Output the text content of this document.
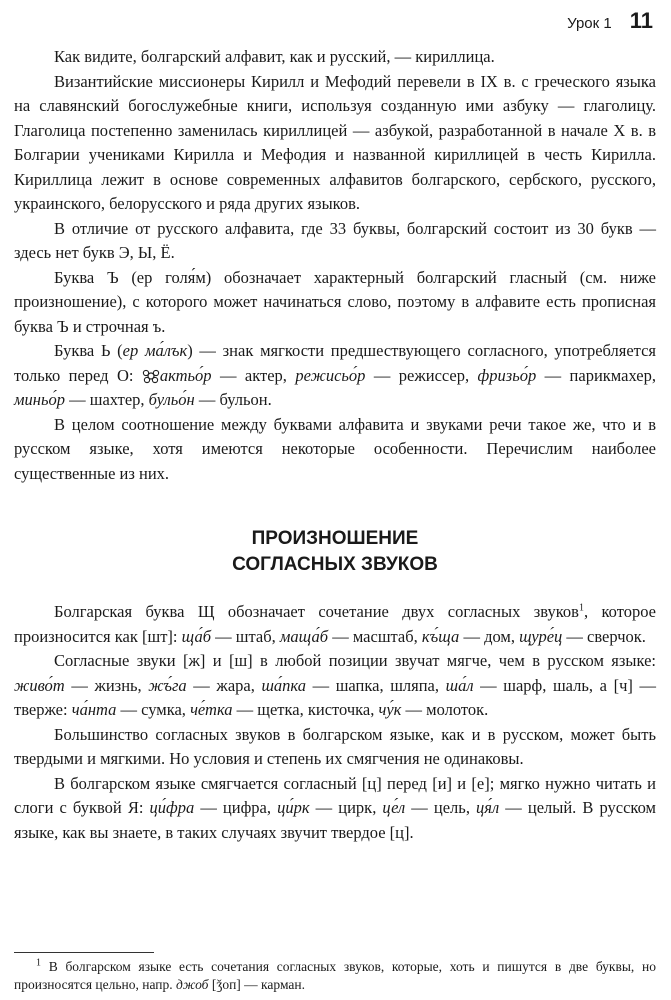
Урок 1 11

Как видите, болгарский алфавит, как и русский, — кириллица.

Византийские миссионеры Кирилл и Мефодий перевели в IX в. с греческого языка на славянский богослужебные книги, используя созданную ими азбуку — глаголицу. Глаголица постепенно заменилась кириллицей — азбукой, разработанной в начале X в. в Болгарии учениками Кирилла и Мефодия и названной кириллицей в честь Кирилла. Кириллица лежит в основе современных алфавитов болгарского, сербского, русского, украинского, белорусского и ряда других языков.

В отличие от русского алфавита, где 33 буквы, болгарский состоит из 30 букв — здесь нет букв Э, Ы, Ё.

Буква Ъ (ер голя́м) обозначает характерный болгарский гласный (см. ниже произношение), с которого может начинаться слово, поэтому в алфавите есть прописная буква Ъ и строчная ъ.

Буква Ь (ер ма́лък) — знак мягкости предшествующего согласного, употребляется только перед О: актьо́р — актер, режисьо́р — режиссер, фризьо́р — парикмахер, миньо́р — шахтер, бульо́н — бульон.

В целом соотношение между буквами алфавита и звуками речи такое же, что и в русском языке, хотя имеются некоторые особенности. Перечислим наиболее существенные из них.

ПРОИЗНОШЕНИЕ
СОГЛАСНЫХ ЗВУКОВ

Болгарская буква Щ обозначает сочетание двух согласных звуков$^1$, которое произносится как [шт]: ща́б — штаб, маща́б — масштаб, къ́ща — дом, щуре́ц — сверчок.

Согласные звуки [ж] и [ш] в любой позиции звучат мягче, чем в русском языке: живо́т — жизнь, жъ́га — жара, ша́пка — шапка, шляпа, ша́л — шарф, шаль, а [ч] — тверже: ча́нта — сумка, че́тка — щетка, кисточка, чу́к — молоток.

Большинство согласных звуков в болгарском языке, как и в русском, может быть твердыми и мягкими. Но условия и степень их смягчения не одинаковы.

В болгарском языке смягчается согласный [ц] перед [и] и [е]; мягко нужно читать и слоги с буквой Я: ци́фра — цифра, ци́рк — цирк, це́л — цель, ця́л — целый. В русском языке, как вы знаете, в таких случаях звучит твердое [ц].

$^1$ В болгарском языке есть сочетания согласных звуков, которые, хоть и пишутся в две буквы, но произносятся цельно, напр. джоб [ǯоп] — карман.
